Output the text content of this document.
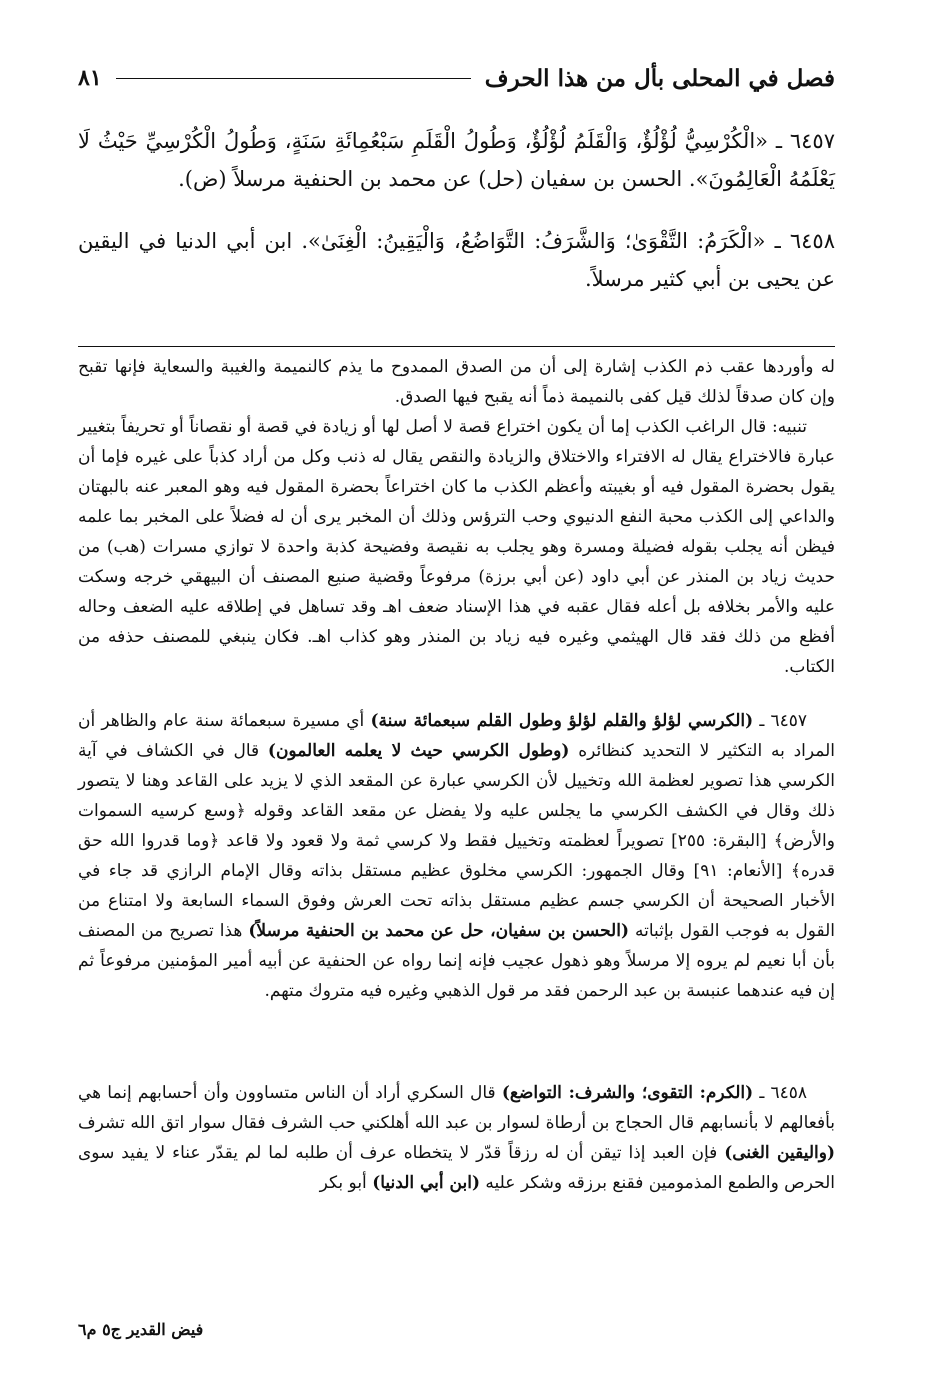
فصل في المحلى بأل من هذا الحرف
٨١

٦٤٥٧ ـ «الْكُرْسِيُّ لُؤْلُؤٌ، وَالْقَلَمُ لُؤْلُؤٌ، وَطُولُ الْقَلَمِ سَبْعُمِائَةِ سَنَةٍ، وَطُولُ الْكُرْسِيِّ حَيْثُ لَا يَعْلَمُهُ الْعَالِمُونَ». الحسن بن سفيان (حل) عن محمد بن الحنفية مرسلاً (ض).

٦٤٥٨ ـ «الْكَرَمُ: التَّقْوَىٰ؛ وَالشَّرَفُ: التَّوَاضُعُ، وَالْيَقِينُ: الْغِنَىٰ». ابن أبي الدنيا في اليقين عن يحيى بن أبي كثير مرسلاً.

له وأوردها عقب ذم الكذب إشارة إلى أن من الصدق الممدوح ما يذم كالنميمة والغيبة والسعاية فإنها تقبح وإن كان صدقاً لذلك قيل كفى بالنميمة ذماً أنه يقبح فيها الصدق.

تنبيه: قال الراغب الكذب إما أن يكون اختراع قصة لا أصل لها أو زيادة في قصة أو نقصاناً أو تحريفاً بتغيير عبارة فالاختراع يقال له الافتراء والاختلاق والزيادة والنقص يقال له ذنب وكل من أراد كذباً على غيره فإما أن يقول بحضرة المقول فيه أو بغيبته وأعظم الكذب ما كان اختراعاً بحضرة المقول فيه وهو المعبر عنه بالبهتان والداعي إلى الكذب محبة النفع الدنيوي وحب الترؤس وذلك أن المخبر يرى أن له فضلاً على المخبر بما علمه فيظن أنه يجلب بقوله فضيلة ومسرة وهو يجلب به نقيصة وفضيحة كذبة واحدة لا توازي مسرات (هب) من حديث زياد بن المنذر عن أبي داود (عن أبي برزة) مرفوعاً وقضية صنيع المصنف أن البيهقي خرجه وسكت عليه والأمر بخلافه بل أعله فقال عقبه في هذا الإسناد ضعف اهـ وقد تساهل في إطلاقه عليه الضعف وحاله أفظع من ذلك فقد قال الهيثمي وغيره فيه زياد بن المنذر وهو كذاب اهـ. فكان ينبغي للمصنف حذفه من الكتاب.

٦٤٥٧ ـ (الكرسي لؤلؤ والقلم لؤلؤ وطول القلم سبعمائة سنة) أي مسيرة سبعمائة سنة عام والظاهر أن المراد به التكثير لا التحديد كنظائره (وطول الكرسي حيث لا يعلمه العالمون) قال في الكشاف في آية الكرسي هذا تصوير لعظمة الله وتخييل لأن الكرسي عبارة عن المقعد الذي لا يزيد على القاعد وهنا لا يتصور ذلك وقال في الكشف الكرسي ما يجلس عليه ولا يفضل عن مقعد القاعد وقوله ﴿وسع كرسيه السموات والأرض﴾ [البقرة: ٢٥٥] تصويراً لعظمته وتخييل فقط ولا كرسي ثمة ولا قعود ولا قاعد ﴿وما قدروا الله حق قدره﴾ [الأنعام: ٩١] وقال الجمهور: الكرسي مخلوق عظيم مستقل بذاته وقال الإمام الرازي قد جاء في الأخبار الصحيحة أن الكرسي جسم عظيم مستقل بذاته تحت العرش وفوق السماء السابعة ولا امتناع من القول به فوجب القول بإثباته (الحسن بن سفيان، حل عن محمد بن الحنفية مرسلاً) هذا تصريح من المصنف بأن أبا نعيم لم يروه إلا مرسلاً وهو ذهول عجيب فإنه إنما رواه عن الحنفية عن أبيه أمير المؤمنين مرفوعاً ثم إن فيه عندهما عنبسة بن عبد الرحمن فقد مر قول الذهبي وغيره فيه متروك متهم.

٦٤٥٨ ـ (الكرم: التقوى؛ والشرف: التواضع) قال السكري أراد أن الناس متساوون وأن أحسابهم إنما هي بأفعالهم لا بأنسابهم قال الحجاج بن أرطاة لسوار بن عبد الله أهلكني حب الشرف فقال سوار اتق الله تشرف (واليقين الغنى) فإن العبد إذا تيقن أن له رزقاً قدّر لا يتخطاه عرف أن طلبه لما لم يقدّر عناء لا يفيد سوى الحرص والطمع المذمومين فقنع برزقه وشكر عليه (ابن أبي الدنيا) أبو بكر

فيض القدير ج٥ م٦
